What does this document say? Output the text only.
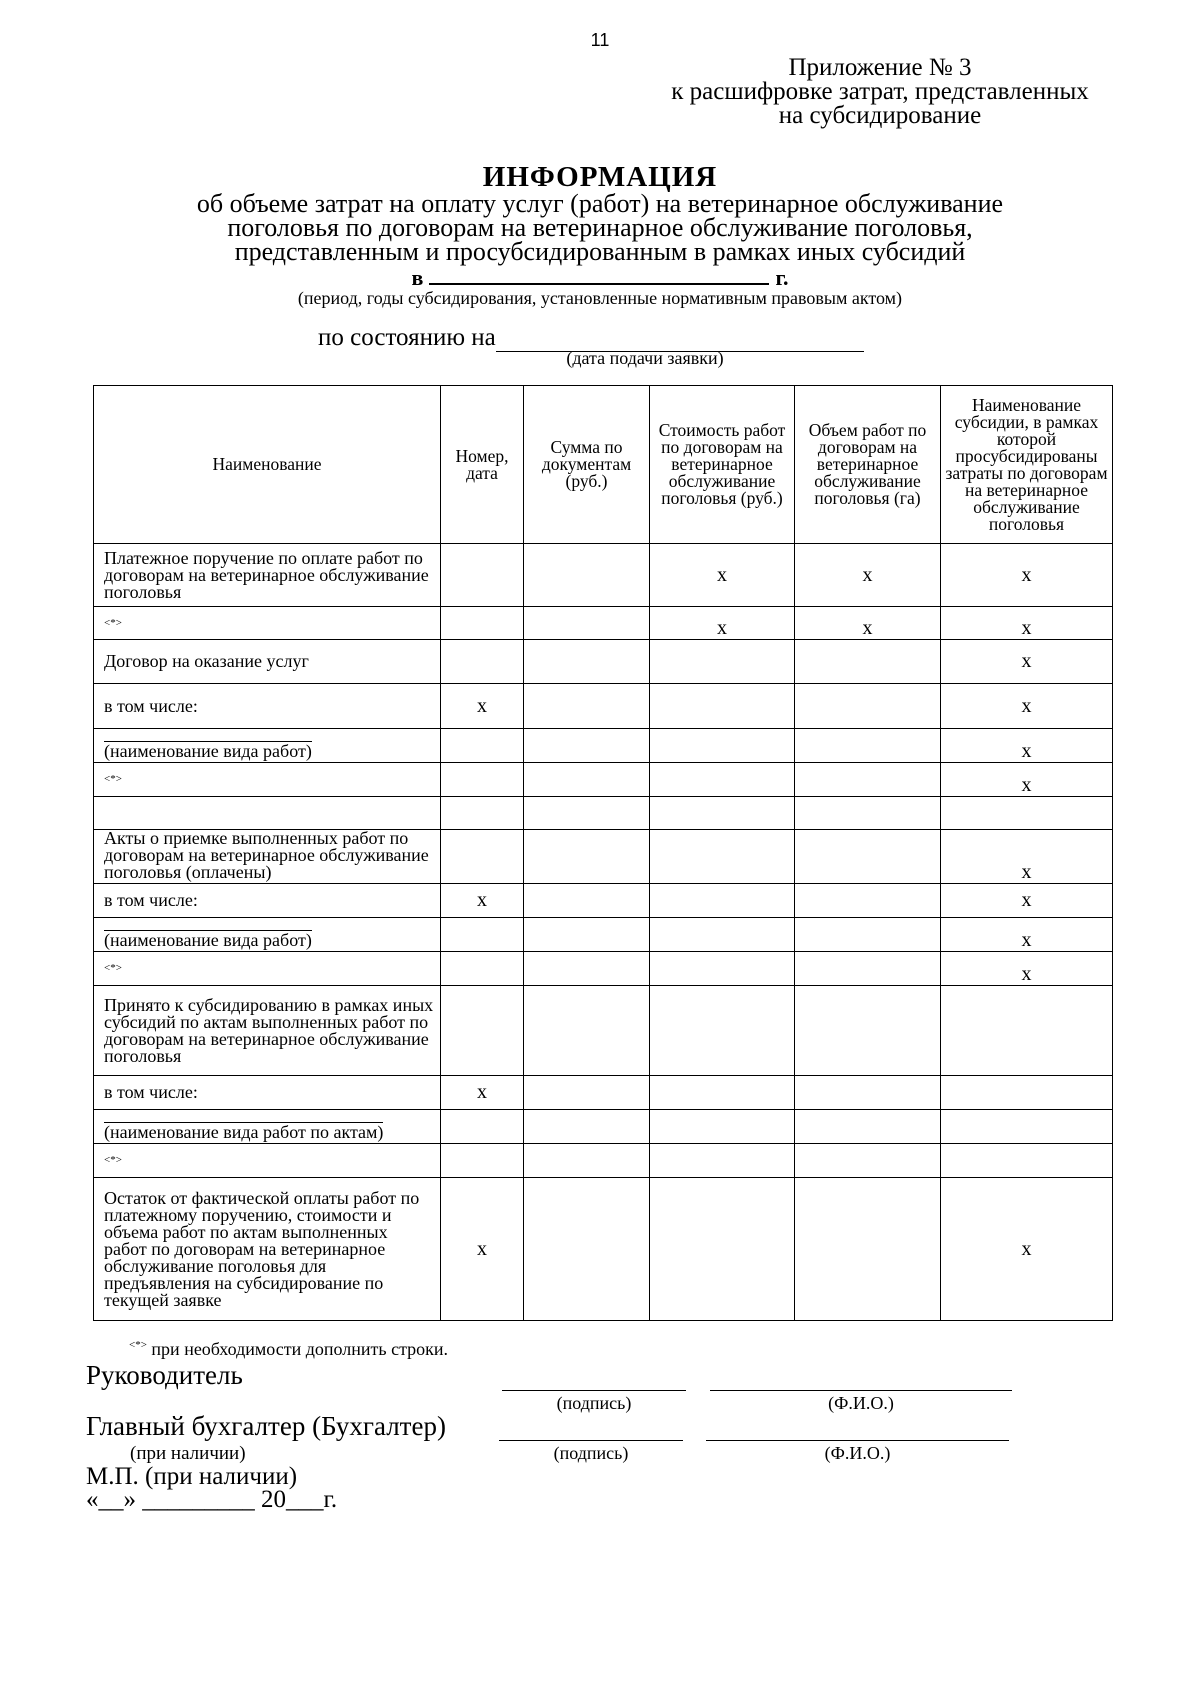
11
Приложение № 3
к расшифровке затрат, представленных
на субсидирование
ИНФОРМАЦИЯ
об объеме затрат на оплату услуг (работ) на ветеринарное обслуживание
поголовья по договорам на ветеринарное обслуживание поголовья,
представленным и просубсидированным в рамках иных субсидий
в	г.
(период, годы субсидирования, установленные нормативным правовым актом)
по состоянию на
(дата подачи заявки)
Наименование	Номер, дата	Сумма по документам (руб.)	Стоимость работ по договорам на ветеринарное обслуживание поголовья (руб.)	Объем работ по договорам на ветеринарное обслуживание поголовья (га)	Наименование субсидии, в рамках которой просубсидированы затраты по договорам на ветеринарное обслуживание поголовья
Платежное поручение по оплате работ по договорам на ветеринарное обслуживание поголовья			x	x	x
<*>			x	x	x
Договор на оказание услуг					x
в том числе:	x				x
(наименование вида работ)					x
<*>					x

Акты о приемке выполненных работ по договорам на ветеринарное обслуживание поголовья (оплачены)					x
в том числе:	x				x
(наименование вида работ)					x
<*>					x
Принято к субсидированию в рамках иных субсидий по актам выполненных работ по договорам на ветеринарное обслуживание поголовья					
в том числе:	x				
(наименование вида работ по актам)					
<*>					
Остаток от фактической оплаты работ по платежному поручению, стоимости и объема работ по актам выполненных работ по договорам на ветеринарное обслуживание поголовья для предъявления на субсидирование по текущей заявке	x				x
<*> при необходимости дополнить строки.
Руководитель
(подпись)	(Ф.И.О.)
Главный бухгалтер (Бухгалтер)
(при наличии)	(подпись)	(Ф.И.О.)
М.П. (при наличии)
«__» _________ 20___г.
